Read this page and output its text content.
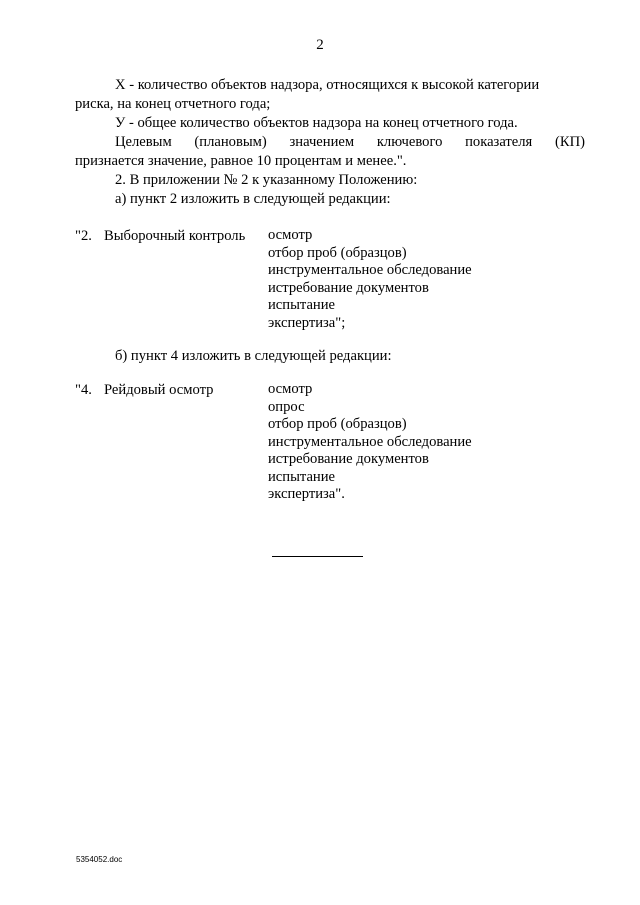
2
Х - количество объектов надзора, относящихся к высокой категории
риска, на конец отчетного года;
У - общее количество объектов надзора на конец отчетного года.
Целевым (плановым) значением ключевого показателя (КП)
признается значение, равное 10 процентам и менее.".
2. В приложении № 2 к указанному Положению:
а) пункт 2 изложить в следующей редакции:
"2. Выборочный контроль осмотр
отбор проб (образцов)
инструментальное обследование
истребование документов
испытание
экспертиза";
б) пункт 4 изложить в следующей редакции:
"4. Рейдовый осмотр	осмотр
опрос
отбор проб (образцов)
инструментальное обследование
истребование документов
испытание
экспертиза".
5354052.doc
